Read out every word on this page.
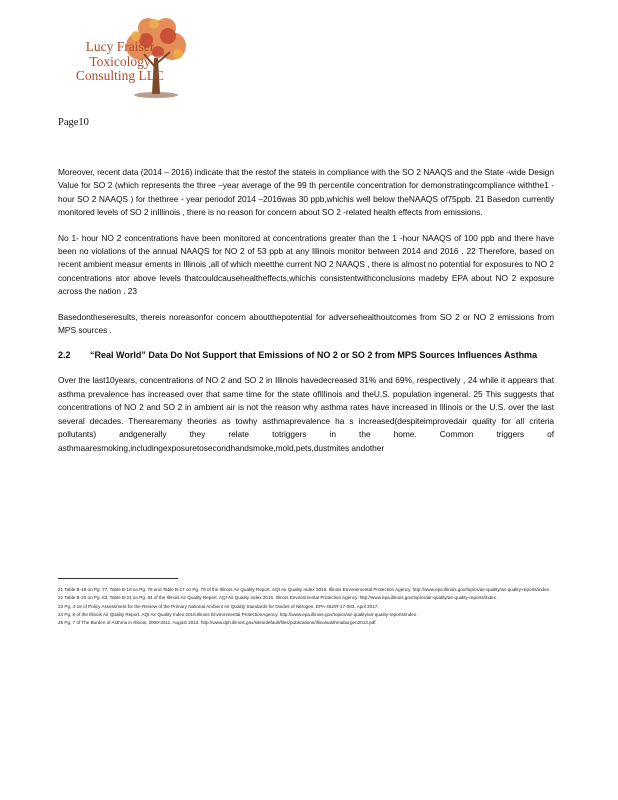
Lucy Fraiser
Toxicology
Consulting LLC
Page10

Moreover, recent data (2014 – 2016) indicate that the restof the stateis in compliance with the SO 2 NAAQS and the State -wide Design Value for SO 2 (which represents the three –year average of the 99 th percentile concentration for demonstratingcompliance withthe1 -hour SO 2 NAAQS ) for thethree - year periodof 2014 –2016was 30 ppb,whichis well below theNAAQS of75ppb. 21 Basedon currently monitored levels of SO 2 inIllinois , there is no reason for concern about SO 2 -related health effects from emissions.

No 1- hour NO 2 concentrations have been monitored at concentrations greater than the 1 -hour NAAQS of 100 ppb and there have been no violations of the annual NAAQS for NO 2 of 53 ppb at any Illinois monitor between 2014 and 2016 . 22 Therefore, based on recent ambient measur ements in Illinois ,all of which meetthe current NO 2 NAAQS , there is almost no potential for exposures to NO 2 concentrations ator above levels thatcouldcausehealtheffects,whichis consistentwithconclusions madeby EPA about NO 2 exposure across the nation . 23

Basedontheseresults, thereis noreasonfor concern aboutthepotential for adversehealthoutcomes from SO 2 or NO 2 emissions from MPS sources .

2.2	“Real World” Data Do Not Support that Emissions of NO 2 or SO 2 from MPS Sources Influences Asthma

Over the last10years, concentrations of NO 2 and SO 2 in Illinois havedecreased 31% and 69%, respectively , 24 while it appears that asthma prevalence has increased over that same time for the state ofIllinois and theU.S. population ingeneral. 25 This suggests that concentrations of NO 2 and SO 2 in ambient air is not the reason why asthma rates have increased in Illinois or the U.S. over the last several decades. Therearemany theories as towhy asthmaprevalence ha s increased(despiteimprovedair quality for all criteria pollutants) andgenerally they relate totriggers in the home. Common triggers of asthmaaresmoking,includingexposuretosecondhandsmoke,mold,pets,dustmites andother

21 Table B-16 on Pg. 77, Table B-16 on Pg. 78 and Table B-17 on Pg. 79 of the Illinois Air Quality Report. AQI Air Quality Index 2016. Illinois Environmental Protection Agency. http://www.epa.illinois.gov/topics/air-quality/air-quality-reports/index .

22 Table B-20 on Pg. 83, Table B-21 on Pg. 84 of the Illinois Air Quality Report. AQI Air Quality Index 2016. Illinois Environmental Protection Agency. http://www.epa.illinois.gov/topics/air-quality/air-quality-reports/index .

23 Pg. 4-18 of Policy Assessment for the Review of the Primary National Ambient Air Quality Standards for Oxides of Nitrogen. EPA-452/R-17-003. April 2017.

24 Pg. 8 of the Illinois Air Quality Report. AQI Air Quality Index 2016.Illinois Environmental ProtectionAgency. http://www.epa.illinois.gov/topics/air-quality/air-quality-reports/index .

25 Pg. 7 of The Burden of Asthma in Illinois, 2000-2011. August 2013. http://www.dph.illinois.gov/sites/default/files/publications/Illinoisasthmaburgen2013.pdf
